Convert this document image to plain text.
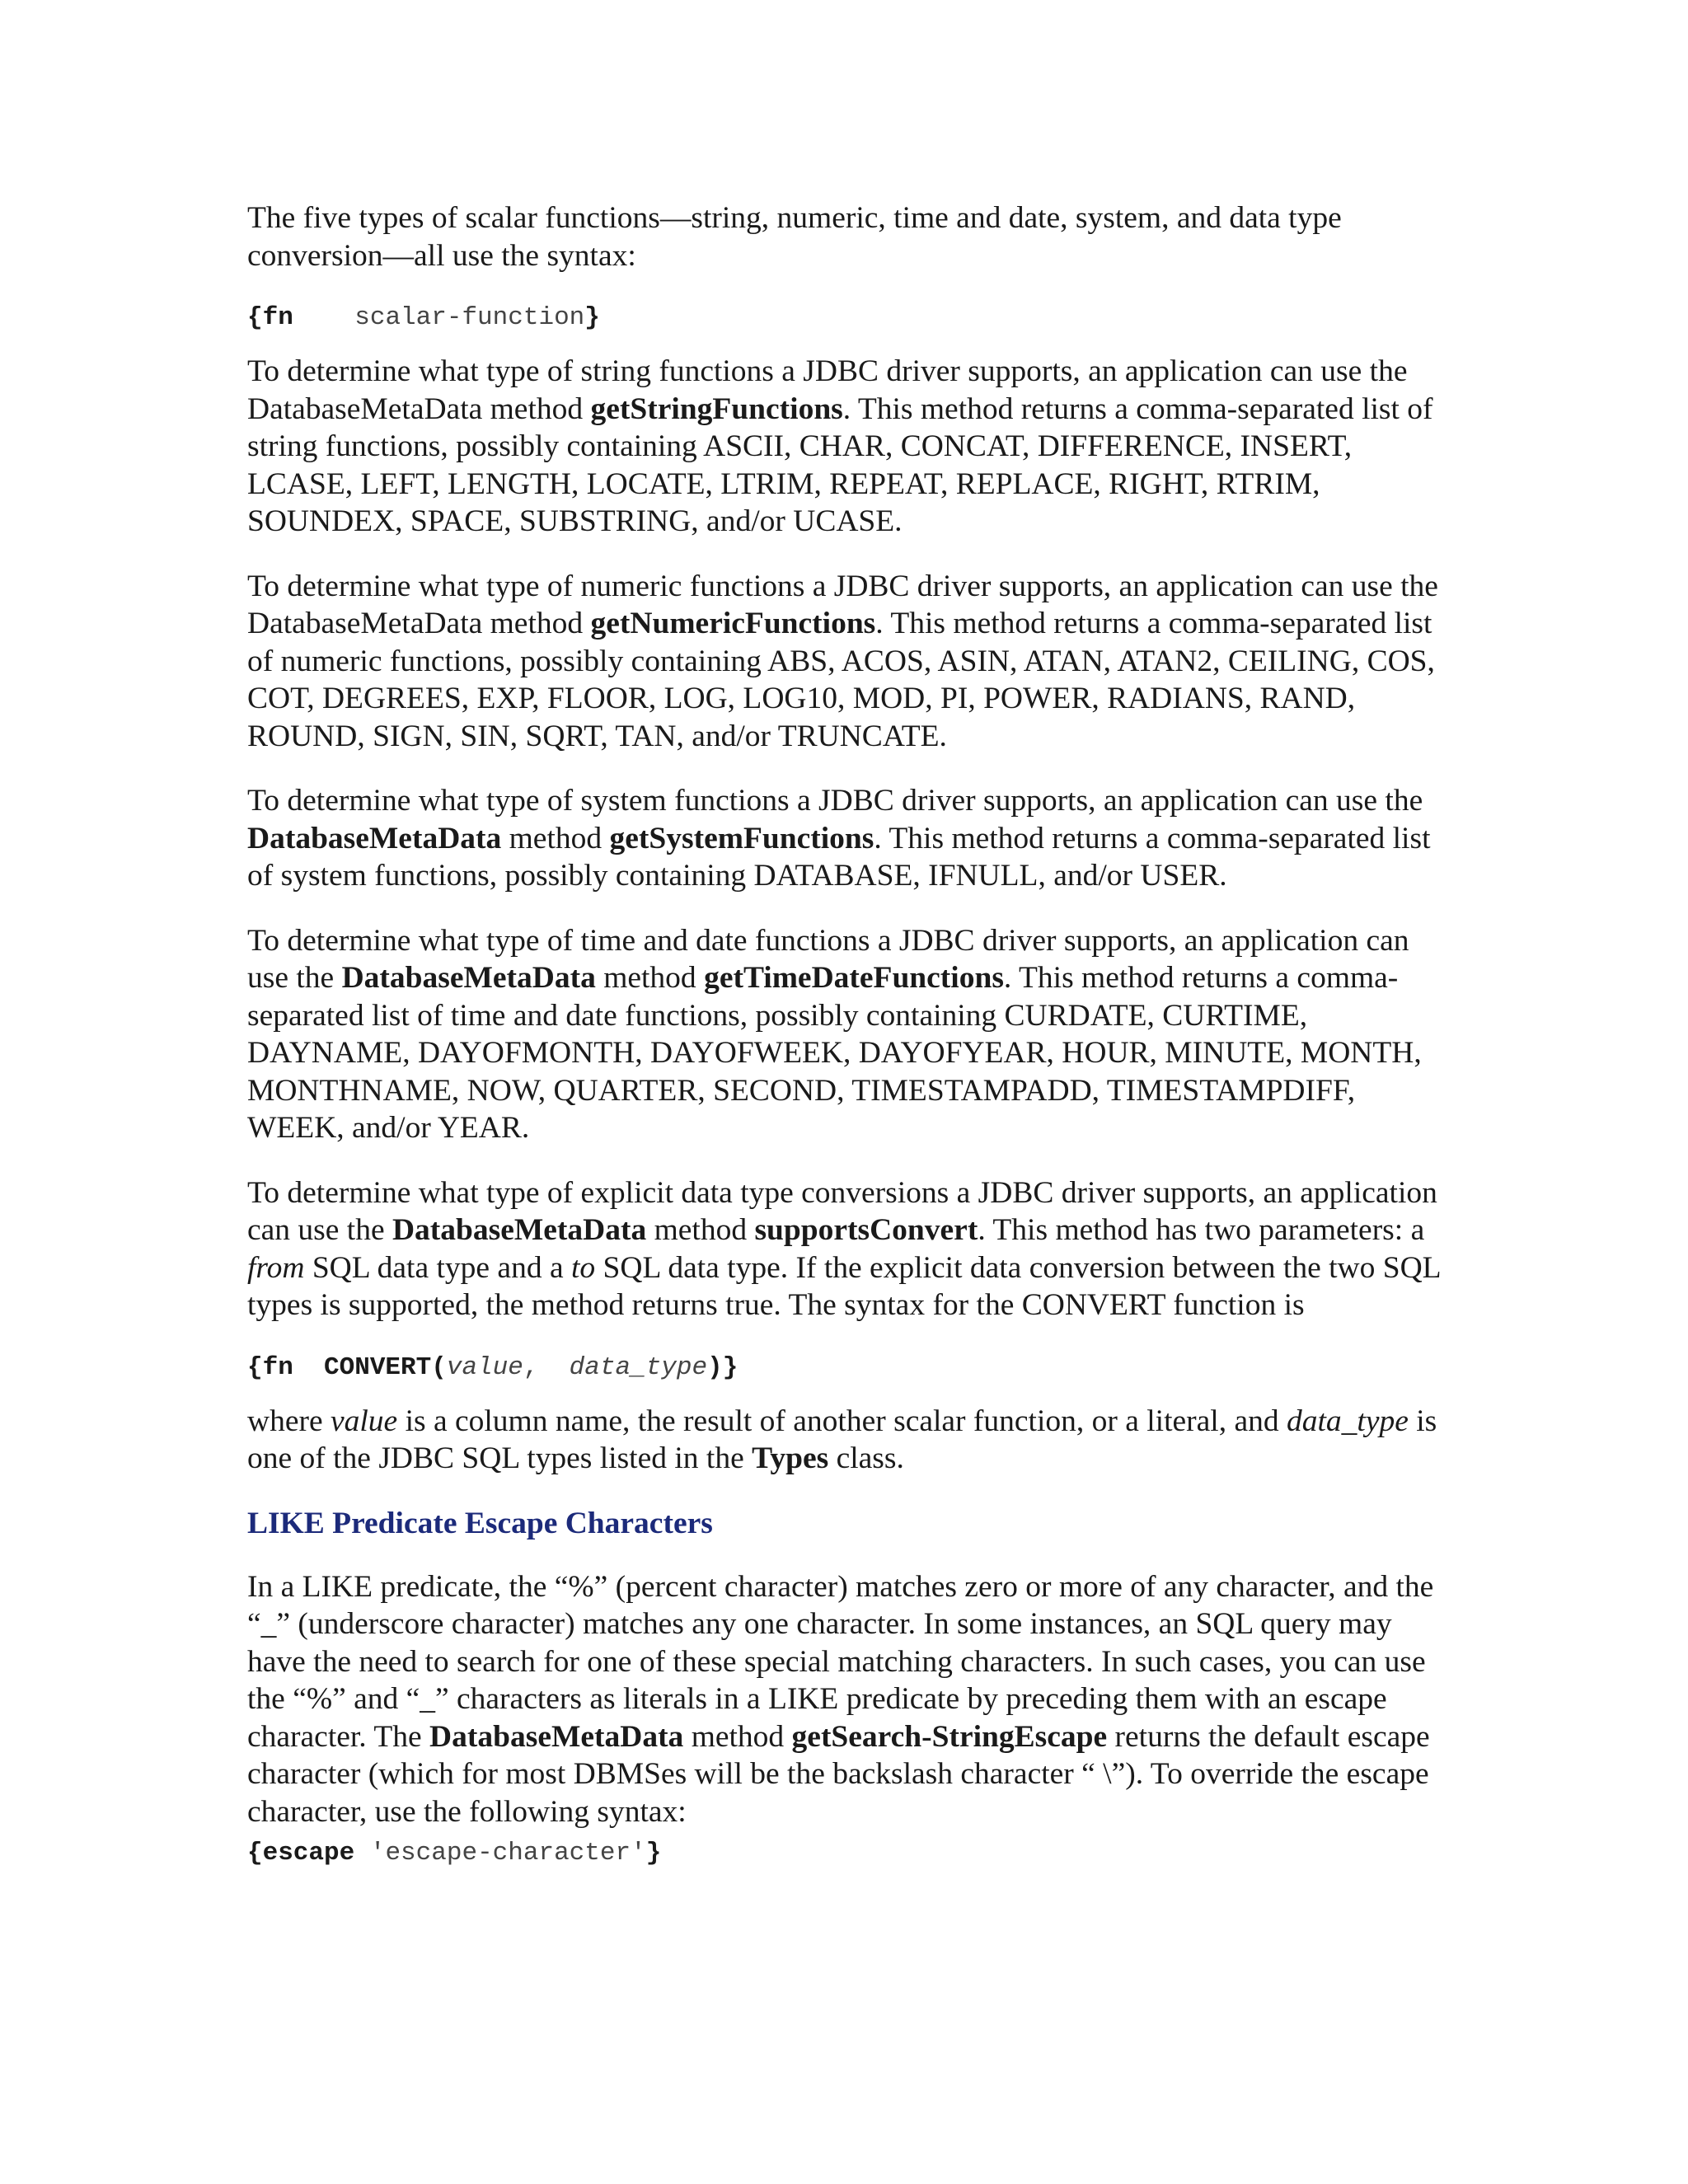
The five types of scalar functions—string, numeric, time and date, system, and data type conversion—all use the syntax:

{fn scalar-function}

To determine what type of string functions a JDBC driver supports, an application can use the DatabaseMetaData method getStringFunctions. This method returns a comma-separated list of string functions, possibly containing ASCII, CHAR, CONCAT, DIFFERENCE, INSERT, LCASE, LEFT, LENGTH, LOCATE, LTRIM, REPEAT, REPLACE, RIGHT, RTRIM, SOUNDEX, SPACE, SUBSTRING, and/or UCASE.

To determine what type of numeric functions a JDBC driver supports, an application can use the DatabaseMetaData method getNumericFunctions. This method returns a comma-separated list of numeric functions, possibly containing ABS, ACOS, ASIN, ATAN, ATAN2, CEILING, COS, COT, DEGREES, EXP, FLOOR, LOG, LOG10, MOD, PI, POWER, RADIANS, RAND, ROUND, SIGN, SIN, SQRT, TAN, and/or TRUNCATE.

To determine what type of system functions a JDBC driver supports, an application can use the DatabaseMetaData method getSystemFunctions. This method returns a comma-separated list of system functions, possibly containing DATABASE, IFNULL, and/or USER.

To determine what type of time and date functions a JDBC driver supports, an application can use the DatabaseMetaData method getTimeDateFunctions. This method returns a comma-separated list of time and date functions, possibly containing CURDATE, CURTIME, DAYNAME, DAYOFMONTH, DAYOFWEEK, DAYOFYEAR, HOUR, MINUTE, MONTH, MONTHNAME, NOW, QUARTER, SECOND, TIMESTAMPADD, TIMESTAMPDIFF, WEEK, and/or YEAR.

To determine what type of explicit data type conversions a JDBC driver supports, an application can use the DatabaseMetaData method supportsConvert. This method has two parameters: a from SQL data type and a to SQL data type. If the explicit data conversion between the two SQL types is supported, the method returns true. The syntax for the CONVERT function is

{fn  CONVERT(value,  data_type)}

where value is a column name, the result of another scalar function, or a literal, and data_type is one of the JDBC SQL types listed in the Types class.

LIKE Predicate Escape Characters

In a LIKE predicate, the “%” (percent character) matches zero or more of any character, and the “_” (underscore character) matches any one character. In some instances, an SQL query may have the need to search for one of these special matching characters. In such cases, you can use the “%” and “_” characters as literals in a LIKE predicate by preceding them with an escape character. The DatabaseMetaData method getSearch-StringEscape returns the default escape character (which for most DBMSes will be the backslash character “ \”). To override the escape character, use the following syntax:

{escape 'escape-character'}
